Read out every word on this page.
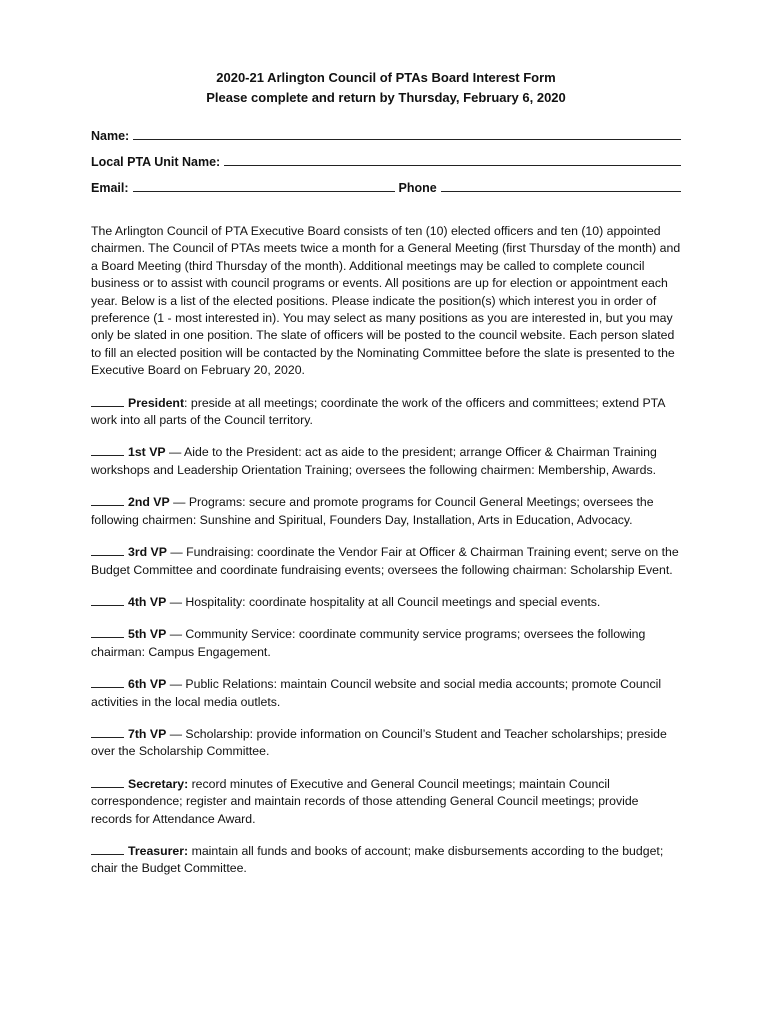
2020-21 Arlington Council of PTAs Board Interest Form
Please complete and return by Thursday, February 6, 2020
Name:
Local PTA Unit Name:
Email:	Phone
The Arlington Council of PTA Executive Board consists of ten (10) elected officers and ten (10) appointed chairmen. The Council of PTAs meets twice a month for a General Meeting (first Thursday of the month) and a Board Meeting (third Thursday of the month). Additional meetings may be called to complete council business or to assist with council programs or events. All positions are up for election or appointment each year. Below is a list of the elected positions. Please indicate the position(s) which interest you in order of preference (1 - most interested in). You may select as many positions as you are interested in, but you may only be slated in one position. The slate of officers will be posted to the council website. Each person slated to fill an elected position will be contacted by the Nominating Committee before the slate is presented to the Executive Board on February 20, 2020.
President: preside at all meetings; coordinate the work of the officers and committees; extend PTA work into all parts of the Council territory.
1st VP — Aide to the President: act as aide to the president; arrange Officer & Chairman Training workshops and Leadership Orientation Training; oversees the following chairmen: Membership, Awards.
2nd VP — Programs: secure and promote programs for Council General Meetings; oversees the following chairmen: Sunshine and Spiritual, Founders Day, Installation, Arts in Education, Advocacy.
3rd VP — Fundraising: coordinate the Vendor Fair at Officer & Chairman Training event; serve on the Budget Committee and coordinate fundraising events; oversees the following chairman: Scholarship Event.
4th VP — Hospitality: coordinate hospitality at all Council meetings and special events.
5th VP — Community Service: coordinate community service programs; oversees the following chairman: Campus Engagement.
6th VP — Public Relations: maintain Council website and social media accounts; promote Council activities in the local media outlets.
7th VP — Scholarship: provide information on Council’s Student and Teacher scholarships; preside over the Scholarship Committee.
Secretary: record minutes of Executive and General Council meetings; maintain Council correspondence; register and maintain records of those attending General Council meetings; provide records for Attendance Award.
Treasurer: maintain all funds and books of account; make disbursements according to the budget; chair the Budget Committee.
